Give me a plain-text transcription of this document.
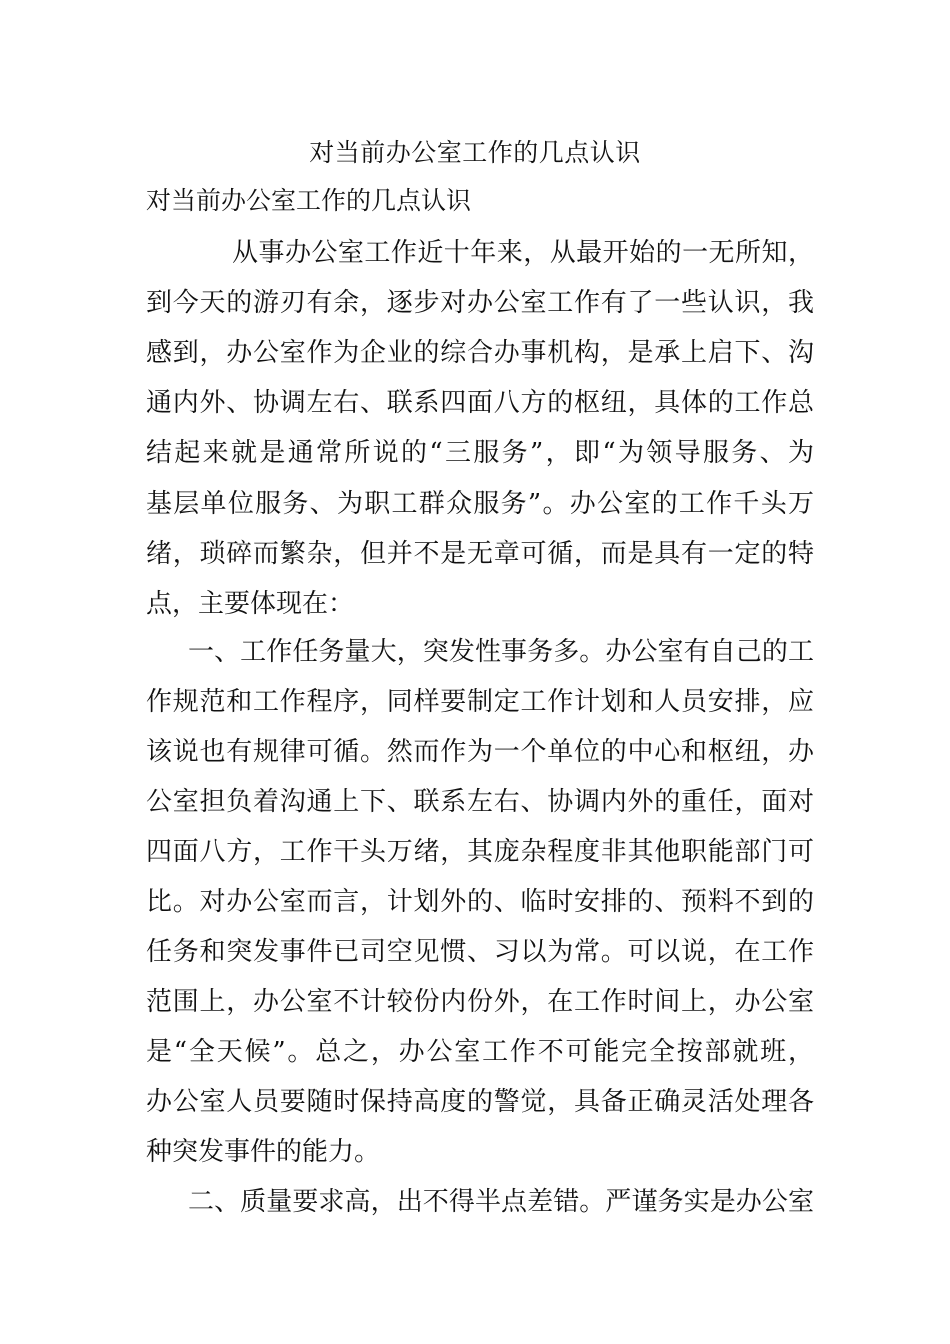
对当前办公室工作的几点认识
对当前办公室工作的几点认识
从事办公室工作近十年来，从最开始的一无所知，
到今天的游刃有余，逐步对办公室工作有了一些认识，我
感到，办公室作为企业的综合办事机构，是承上启下、沟
通内外、协调左右、联系四面八方的枢纽，具体的工作总
结起来就是通常所说的“三服务”，即“为领导服务、为
基层单位服务、为职工群众服务”。办公室的工作千头万
绪，琐碎而繁杂，但并不是无章可循，而是具有一定的特
点，主要体现在：
一、工作任务量大，突发性事务多。办公室有自己的工
作规范和工作程序，同样要制定工作计划和人员安排，应
该说也有规律可循。然而作为一个单位的中心和枢纽，办
公室担负着沟通上下、联系左右、协调内外的重任，面对
四面八方，工作干头万绪，其庞杂程度非其他职能部门可
比。对办公室而言，计划外的、临时安排的、预料不到的
任务和突发事件已司空见惯、习以为常。可以说，在工作
范围上，办公室不计较份内份外，在工作时间上，办公室
是“全天候”。总之，办公室工作不可能完全按部就班，
办公室人员要随时保持高度的警觉，具备正确灵活处理各
种突发事件的能力。
二、质量要求高，出不得半点差错。严谨务实是办公室
